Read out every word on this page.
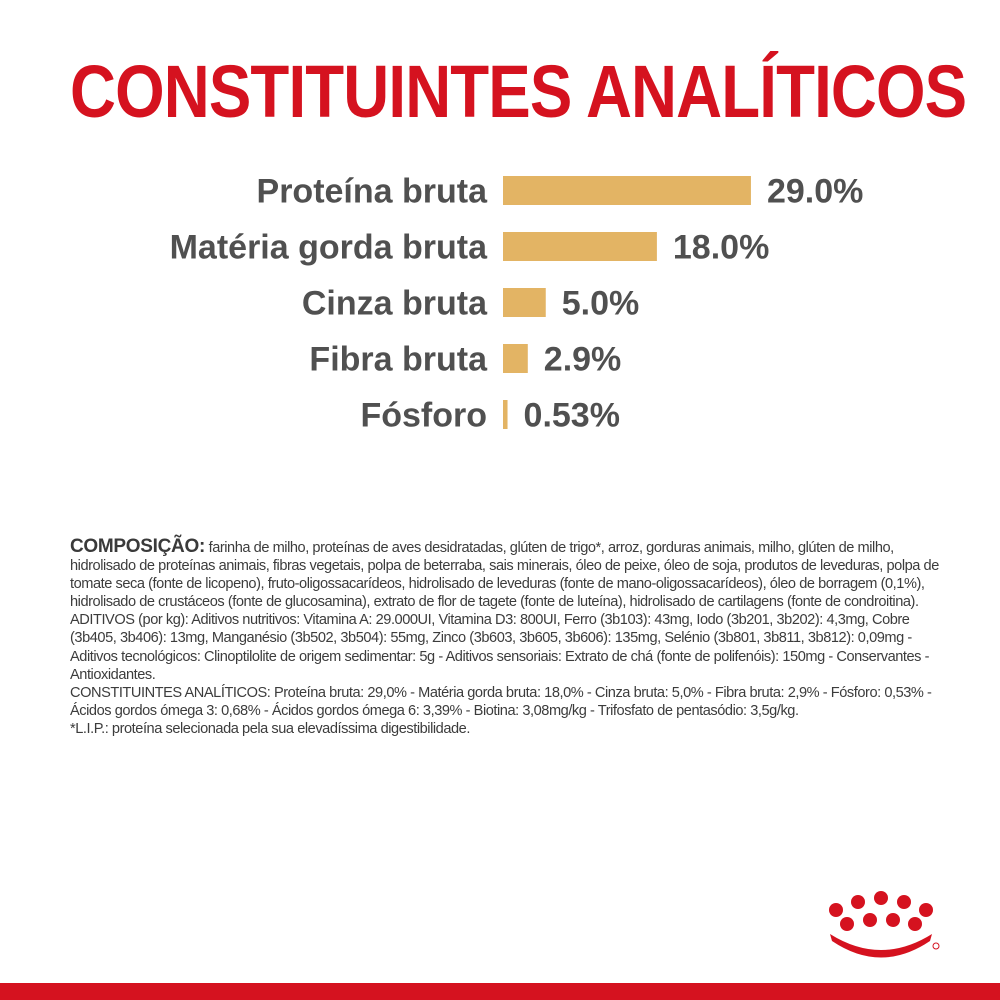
CONSTITUINTES ANALÍTICOS
Proteína bruta	29.0%
Matéria gorda bruta	18.0%
Cinza bruta 5.0%
Fibra bruta 2.9%
Fósforo 0.53%

COMPOSIÇÃO: farinha de milho, proteínas de aves desidratadas, glúten de trigo*, arroz, gorduras animais, milho, glúten de milho, hidrolisado de proteínas animais, fibras vegetais, polpa de beterraba, sais minerais, óleo de peixe, óleo de soja, produtos de leveduras, polpa de tomate seca (fonte de licopeno), fruto-oligossacarídeos, hidrolisado de leveduras (fonte de mano-oligossacarídeos), óleo de borragem (0,1%), hidrolisado de crustáceos (fonte de glucosamina), extrato de flor de tagete (fonte de luteína), hidrolisado de cartilagens (fonte de condroitina).

ADITIVOS (por kg): Aditivos nutritivos: Vitamina A: 29.000UI, Vitamina D3: 800UI, Ferro (3b103): 43mg, Iodo (3b201, 3b202): 4,3mg, Cobre (3b405, 3b406): 13mg, Manganésio (3b502, 3b504): 55mg, Zinco (3b603, 3b605, 3b606): 135mg, Selénio (3b801, 3b811, 3b812): 0,09mg - Aditivos tecnológicos: Clinoptilolite de origem sedimentar: 5g - Aditivos sensoriais: Extrato de chá (fonte de polifenóis): 150mg - Conservantes - Antioxidantes.

CONSTITUINTES ANALÍTICOS: Proteína bruta: 29,0% - Matéria gorda bruta: 18,0% - Cinza bruta: 5,0% - Fibra bruta: 2,9% - Fósforo: 0,53% - Ácidos gordos ómega 3: 0,68% - Ácidos gordos ómega 6: 3,39% - Biotina: 3,08mg/kg - Trifosfato de pentasódio: 3,5g/kg.

*L.I.P.: proteína selecionada pela sua elevadíssima digestibilidade.
